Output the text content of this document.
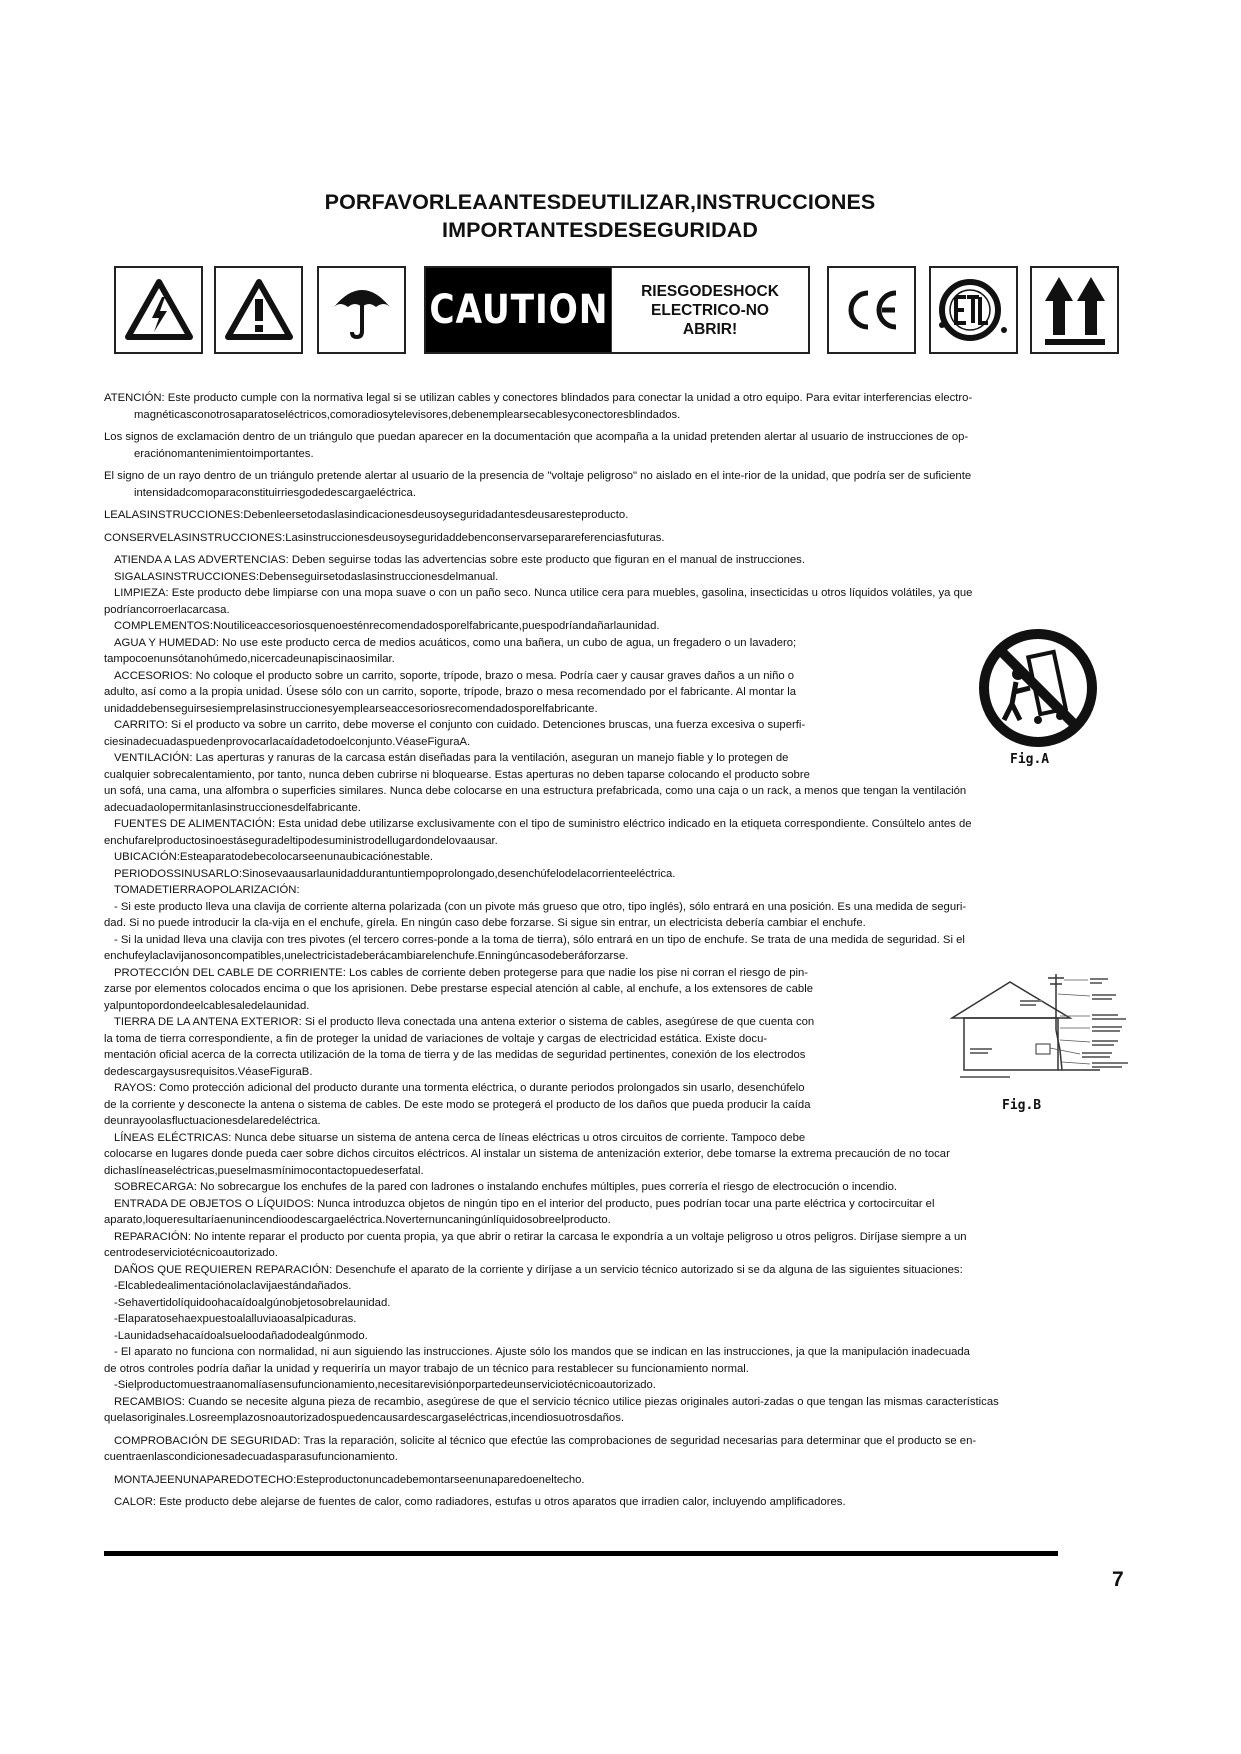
PORFAVORLEAANTESDEUTILIZAR,INSTRUCCIONES
IMPORTANTESDESEGURIDAD
CAUTION RIESGODESHOCK
ELECTRICO-NO
ABRIR!
Fig.A
Fig.B

ATENCIÓN: Este producto cumple con la normativa legal si se utilizan cables y conectores blindados para conectar la unidad a otro equipo. Para evitar interferencias electro-
magnéticasconotrosaparatoseléctricos,comoradiosytelevisores,debenemplearsecablesyconectoresblindados.

Los signos de exclamación dentro de un triángulo que puedan aparecer en la documentación que acompaña a la unidad pretenden alertar al usuario de instrucciones de op-
eraciónomantenimientoimportantes.

El signo de un rayo dentro de un triángulo pretende alertar al usuario de la presencia de "voltaje peligroso" no aislado en el inte-rior de la unidad, que podría ser de suficiente
intensidadcomoparaconstituirriesgodedescargaeléctrica.

LEALASINSTRUCCIONES:Debenleersetodaslasindicacionesdeusoyseguridadantesdeusaresteproducto.

CONSERVELASINSTRUCCIONES:Lasinstruccionesdeusoyseguridaddebenconservarseparareferenciasfuturas.

ATIENDA A LAS ADVERTENCIAS: Deben seguirse todas las advertencias sobre este producto que figuran en el manual de instrucciones.

SIGALASINSTRUCCIONES:Debenseguirsetodaslasinstruccionesdelmanual.

LIMPIEZA: Este producto debe limpiarse con una mopa suave o con un paño seco. Nunca utilice cera para muebles, gasolina, insecticidas u otros líquidos volátiles, ya que
podríancorroerlacarcasa.

COMPLEMENTOS:Noutiliceaccesoriosquenoesténrecomendadosporelfabricante,puespodríandañarlaunidad.

AGUA Y HUMEDAD: No use este producto cerca de medios acuáticos, como una bañera, un cubo de agua, un fregadero o un lavadero;
tampocoenunsótanohúmedo,nicercadeunapiscinaosimilar.

ACCESORIOS: No coloque el producto sobre un carrito, soporte, trípode, brazo o mesa. Podría caer y causar graves daños a un niño o
adulto, así como a la propia unidad. Úsese sólo con un carrito, soporte, trípode, brazo o mesa recomendado por el fabricante. Al montar la
unidaddebenseguirsesiemprelasinstruccionesyemplearseaccesoriosrecomendadosporelfabricante.

CARRITO: Si el producto va sobre un carrito, debe moverse el conjunto con cuidado. Detenciones bruscas, una fuerza excesiva o superfi-
ciesinadecuadaspuedenprovocarlacaídadetodoelconjunto.VéaseFiguraA.

VENTILACIÓN: Las aperturas y ranuras de la carcasa están diseñadas para la ventilación, aseguran un manejo fiable y lo protegen de
cualquier sobrecalentamiento, por tanto, nunca deben cubrirse ni bloquearse. Estas aperturas no deben taparse colocando el producto sobre
un sofá, una cama, una alfombra o superficies similares. Nunca debe colocarse en una estructura prefabricada, como una caja o un rack, a menos que tengan la ventilación
adecuadaolopermitanlasinstruccionesdelfabricante.

FUENTES DE ALIMENTACIÓN: Esta unidad debe utilizarse exclusivamente con el tipo de suministro eléctrico indicado en la etiqueta correspondiente. Consúltelo antes de
enchufarelproductosinoestáseguradeltipodesuministrodellugardondelovaausar.

UBICACIÓN:Esteaparatodebecolocarseenunaubicaciónestable.

PERIODOSSINUSARLO:Sinosevaausarlaunidaddurantuntiempoprolongado,desenchúfelodelacorrienteeléctrica.

TOMADETIERRAOPOLARIZACIÓN:

- Si este producto lleva una clavija de corriente alterna polarizada (con un pivote más grueso que otro, tipo inglés), sólo entrará en una posición. Es una medida de seguri-
dad. Si no puede introducir la cla-vija en el enchufe, gírela. En ningún caso debe forzarse. Si sigue sin entrar, un electricista debería cambiar el enchufe.

- Si la unidad lleva una clavija con tres pivotes (el tercero corres-ponde a la toma de tierra), sólo entrará en un tipo de enchufe. Se trata de una medida de seguridad. Si el
enchufeylaclavijanosoncompatibles,unelectricistadeberácambiarelenchufe.Enningúncasodeberáforzarse.

PROTECCIÓN DEL CABLE DE CORRIENTE: Los cables de corriente deben protegerse para que nadie los pise ni corran el riesgo de pin-
zarse por elementos colocados encima o que los aprisionen. Debe prestarse especial atención al cable, al enchufe, a los extensores de cable
yalpuntopordondeelcablesaledelaunidad.

TIERRA DE LA ANTENA EXTERIOR: Si el producto lleva conectada una antena exterior o sistema de cables, asegúrese de que cuenta con
la toma de tierra correspondiente, a fin de proteger la unidad de variaciones de voltaje y cargas de electricidad estática. Existe docu-
mentación oficial acerca de la correcta utilización de la toma de tierra y de las medidas de seguridad pertinentes, conexión de los electrodos
dedescargaysusrequisitos.VéaseFiguraB.

RAYOS: Como protección adicional del producto durante una tormenta eléctrica, o durante periodos prolongados sin usarlo, desenchúfelo
de la corriente y desconecte la antena o sistema de cables. De este modo se protegerá el producto de los daños que pueda producir la caída
deunrayoolasfluctuacionesdelaredeléctrica.

LÍNEAS ELÉCTRICAS: Nunca debe situarse un sistema de antena cerca de líneas eléctricas u otros circuitos de corriente. Tampoco debe
colocarse en lugares donde pueda caer sobre dichos circuitos eléctricos. Al instalar un sistema de antenización exterior, debe tomarse la extrema precaución de no tocar
dichaslíneaseléctricas,pueselmasmínimocontactopuedeserfatal.

SOBRECARGA: No sobrecargue los enchufes de la pared con ladrones o instalando enchufes múltiples, pues correría el riesgo de electrocución o incendio.

ENTRADA DE OBJETOS O LÍQUIDOS: Nunca introduzca objetos de ningún tipo en el interior del producto, pues podrían tocar una parte eléctrica y cortocircuitar el
aparato,loqueresultaríaenunincendioodescargaeléctrica.Noverternuncaningúnlíquidosobreelproducto.

REPARACIÓN: No intente reparar el producto por cuenta propia, ya que abrir o retirar la carcasa le expondría a un voltaje peligroso u otros peligros. Diríjase siempre a un
centrodeserviciotécnicoautorizado.

DAÑOS QUE REQUIEREN REPARACIÓN: Desenchufe el aparato de la corriente y diríjase a un servicio técnico autorizado si se da alguna de las siguientes situaciones:

-Elcabledealimentaciónolaclavijaestándañados.

-Sehavertidolíquidoohacaídoalgúnobjetosobrelaunidad.

-Elaparatosehaexpuestoalalluviaoasalpicaduras.

-Launidadsehacaídoalsueloodañadodealgúnmodo.

- El aparato no funciona con normalidad, ni aun siguiendo las instrucciones. Ajuste sólo los mandos que se indican en las instrucciones, ja que la manipulación inadecuada
de otros controles podría dañar la unidad y requeriría un mayor trabajo de un técnico para restablecer su funcionamiento normal.

-Sielproductomuestraanomalíasensufuncionamiento,necesitarevisiónporpartedeunserviciotécnicoautorizado.

RECAMBIOS: Cuando se necesite alguna pieza de recambio, asegúrese de que el servicio técnico utilice piezas originales autori-zadas o que tengan las mismas características
quelasoriginales.Losreemplazosnoautorizadospuedencausardescargaseléctricas,incendiosuotrosdaños.

COMPROBACIÓN DE SEGURIDAD: Tras la reparación, solicite al técnico que efectúe las comprobaciones de seguridad necesarias para determinar que el producto se en-
cuentraenlascondicionesadecuadasparasufuncionamiento.

MONTAJEENUNAPAREDOTECHO:Esteproductonuncadebemontarseenunaparedoeneltecho.

CALOR: Este producto debe alejarse de fuentes de calor, como radiadores, estufas u otros aparatos que irradien calor, incluyendo amplificadores.

7
